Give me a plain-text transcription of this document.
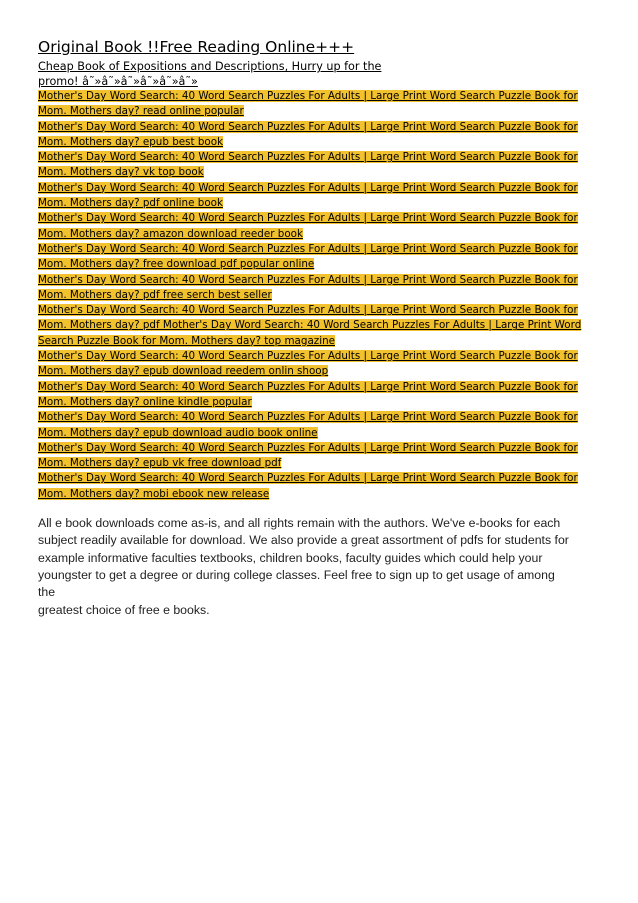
Original Book !!Free Reading Online+++
Cheap Book of Expositions and Descriptions, Hurry up for the
promo! â˜»â˜»â˜»â˜»â˜»â˜»
Mother's Day Word Search: 40 Word Search Puzzles For Adults | Large Print Word Search Puzzle Book for Mom. Mothers day? read online popular
Mother's Day Word Search: 40 Word Search Puzzles For Adults | Large Print Word Search Puzzle Book for Mom. Mothers day? epub best book
Mother's Day Word Search: 40 Word Search Puzzles For Adults | Large Print Word Search Puzzle Book for Mom. Mothers day? vk top book
Mother's Day Word Search: 40 Word Search Puzzles For Adults | Large Print Word Search Puzzle Book for Mom. Mothers day? pdf online book
Mother's Day Word Search: 40 Word Search Puzzles For Adults | Large Print Word Search Puzzle Book for Mom. Mothers day? amazon download reeder book
Mother's Day Word Search: 40 Word Search Puzzles For Adults | Large Print Word Search Puzzle Book for Mom. Mothers day? free download pdf popular online
Mother's Day Word Search: 40 Word Search Puzzles For Adults | Large Print Word Search Puzzle Book for Mom. Mothers day? pdf free serch best seller
Mother's Day Word Search: 40 Word Search Puzzles For Adults | Large Print Word Search Puzzle Book for Mom. Mothers day? pdf Mother's Day Word Search: 40 Word Search Puzzles For Adults | Large Print Word Search Puzzle Book for Mom. Mothers day? top magazine
Mother's Day Word Search: 40 Word Search Puzzles For Adults | Large Print Word Search Puzzle Book for Mom. Mothers day? epub download reedem onlin shoop
Mother's Day Word Search: 40 Word Search Puzzles For Adults | Large Print Word Search Puzzle Book for Mom. Mothers day? online kindle popular
Mother's Day Word Search: 40 Word Search Puzzles For Adults | Large Print Word Search Puzzle Book for Mom. Mothers day? epub download audio book online
Mother's Day Word Search: 40 Word Search Puzzles For Adults | Large Print Word Search Puzzle Book for Mom. Mothers day? epub vk free download pdf
Mother's Day Word Search: 40 Word Search Puzzles For Adults | Large Print Word Search Puzzle Book for Mom. Mothers day? mobi ebook new release
All e book downloads come as-is, and all rights remain with the authors. We've e-books for each
subject readily available for download. We also provide a great assortment of pdfs for students for
example informative faculties textbooks, children books, faculty guides which could help your
youngster to get a degree or during college classes. Feel free to sign up to get usage of among
the
greatest choice of free e books.
